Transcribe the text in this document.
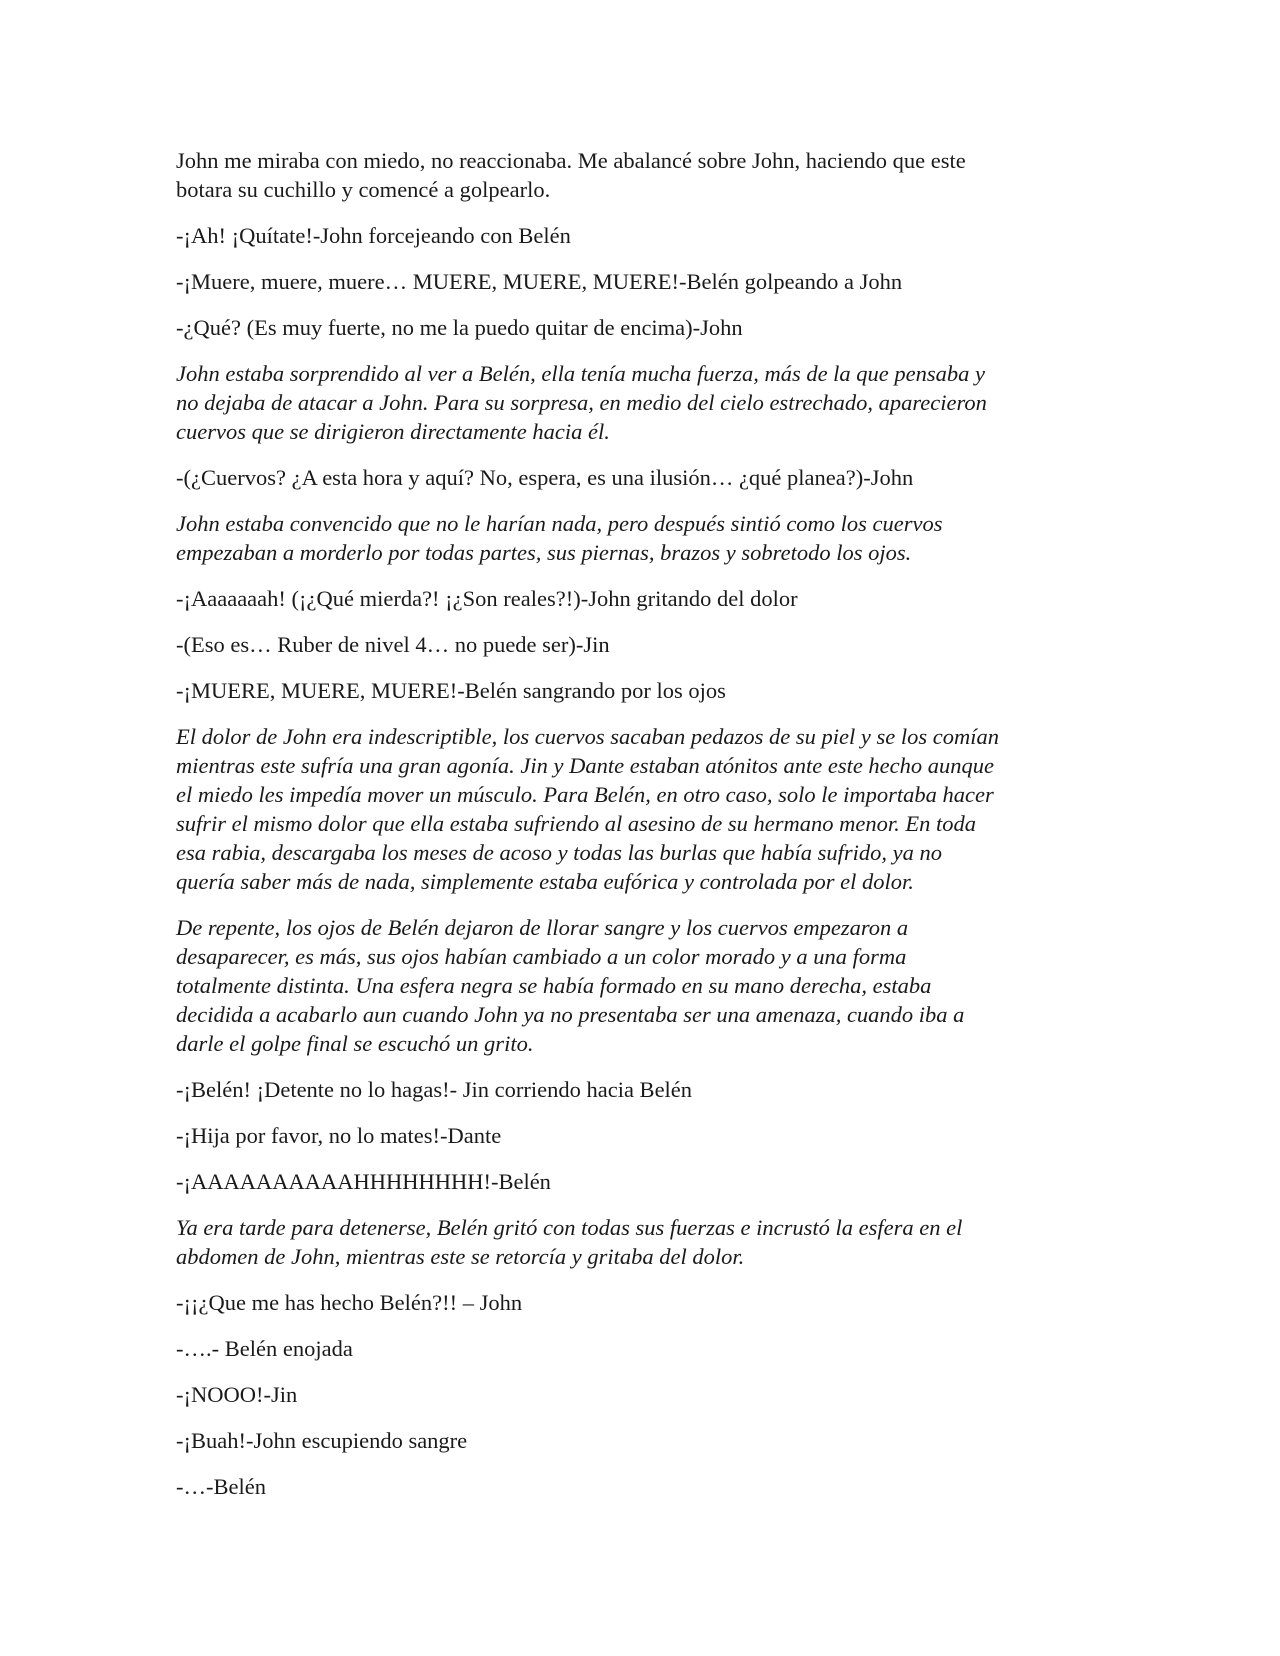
John me miraba con miedo, no reaccionaba. Me abalancé sobre John, haciendo que este
botara su cuchillo y comencé a golpearlo.

-¡Ah! ¡Quítate!-John forcejeando con Belén

-¡Muere, muere, muere… MUERE, MUERE, MUERE!-Belén golpeando a John

-¿Qué? (Es muy fuerte, no me la puedo quitar de encima)-John

John estaba sorprendido al ver a Belén, ella tenía mucha fuerza, más de la que pensaba y
no dejaba de atacar a John. Para su sorpresa, en medio del cielo estrechado, aparecieron
cuervos que se dirigieron directamente hacia él.

-(¿Cuervos? ¿A esta hora y aquí? No, espera, es una ilusión… ¿qué planea?)-John

John estaba convencido que no le harían nada, pero después sintió como los cuervos
empezaban a morderlo por todas partes, sus piernas, brazos y sobretodo los ojos.

-¡Aaaaaaah! (¡¿Qué mierda?! ¡¿Son reales?!)-John gritando del dolor

-(Eso es… Ruber de nivel 4… no puede ser)-Jin

-¡MUERE, MUERE, MUERE!-Belén sangrando por los ojos

El dolor de John era indescriptible, los cuervos sacaban pedazos de su piel y se los comían
mientras este sufría una gran agonía. Jin y Dante estaban atónitos ante este hecho aunque
el miedo les impedía mover un músculo. Para Belén, en otro caso, solo le importaba hacer
sufrir el mismo dolor que ella estaba sufriendo al asesino de su hermano menor. En toda
esa rabia, descargaba los meses de acoso y todas las burlas que había sufrido, ya no
quería saber más de nada, simplemente estaba eufórica y controlada por el dolor.

De repente, los ojos de Belén dejaron de llorar sangre y los cuervos empezaron a
desaparecer, es más, sus ojos habían cambiado a un color morado y a una forma
totalmente distinta. Una esfera negra se había formado en su mano derecha, estaba
decidida a acabarlo aun cuando John ya no presentaba ser una amenaza, cuando iba a
darle el golpe final se escuchó un grito.

-¡Belén! ¡Detente no lo hagas!- Jin corriendo hacia Belén

-¡Hija por favor, no lo mates!-Dante

-¡AAAAAAAAAAHHHHHHHH!-Belén

Ya era tarde para detenerse, Belén gritó con todas sus fuerzas e incrustó la esfera en el
abdomen de John, mientras este se retorcía y gritaba del dolor.

-¡¡¿Que me has hecho Belén?!! – John

-….- Belén enojada

-¡NOOO!-Jin

-¡Buah!-John escupiendo sangre

-…-Belén
